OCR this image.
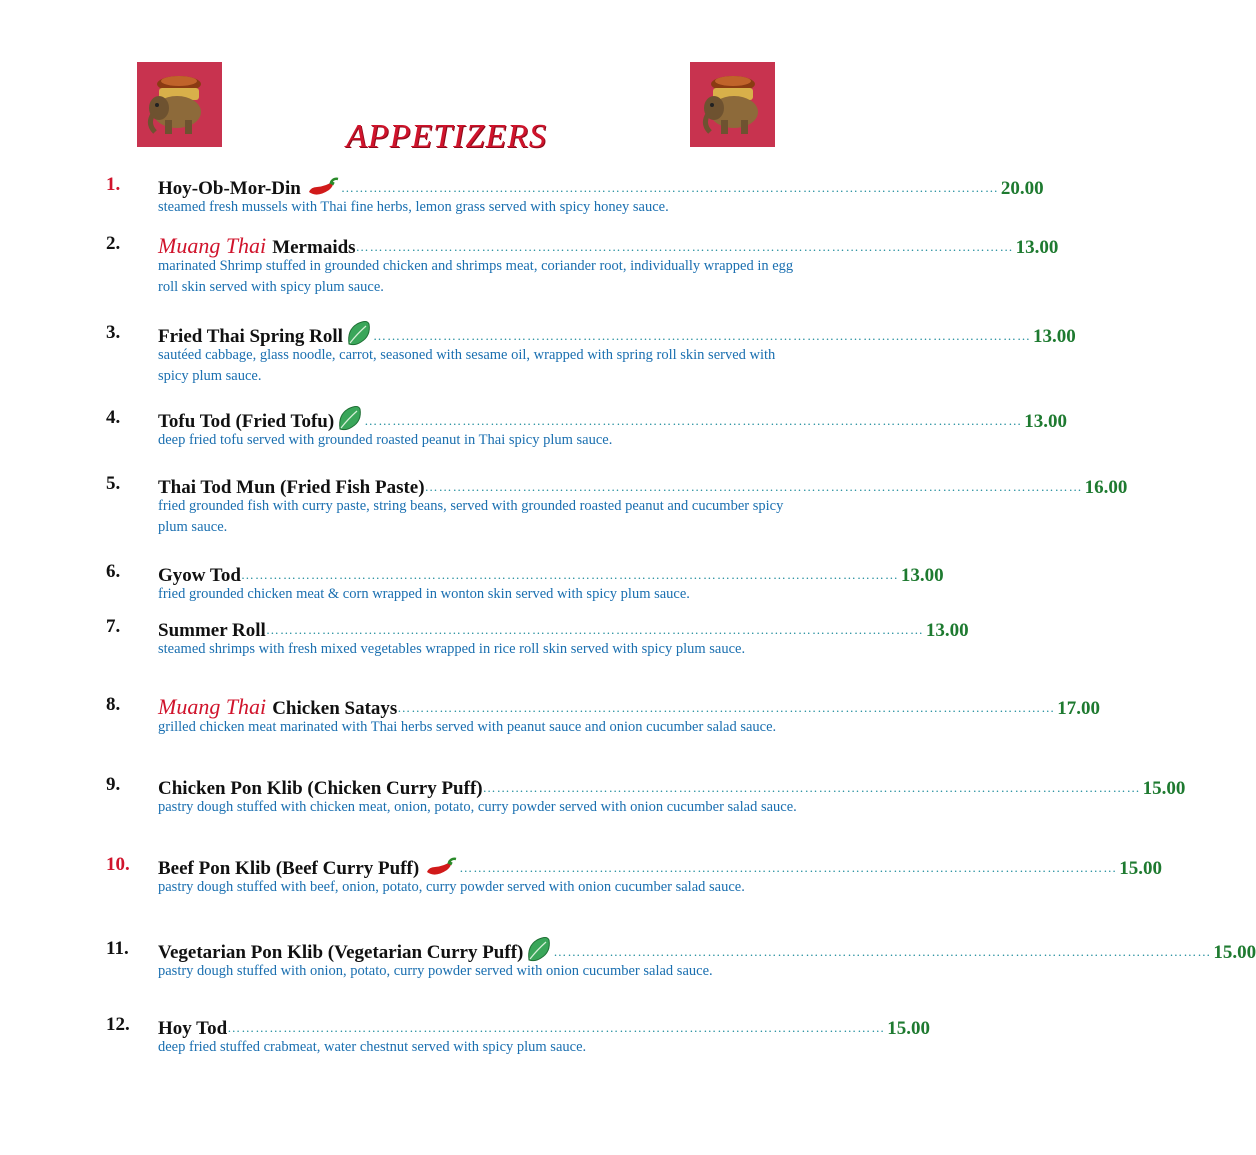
APPETIZERS
1. Hoy-Ob-Mor-Din	…………………………………………………………………………………………………………………………… 20.00
steamed fresh mussels with Thai fine herbs, lemon grass served with spicy honey sauce.
2. Muang Thai Mermaids …………………………………………………………………………………………………………………………… 13.00
marinated Shrimp stuffed in grounded chicken and shrimps meat, coriander root, individually wrapped in egg roll skin served with spicy plum sauce.
3. Fried Thai Spring Roll …………………………………………………………………………………………………………………………… 13.00
sautéed cabbage, glass noodle, carrot, seasoned with sesame oil, wrapped with spring roll skin served with spicy plum sauce.
4. Tofu Tod (Fried Tofu) …………………………………………………………………………………………………………………………… 13.00
deep fried tofu served with grounded roasted peanut in Thai spicy plum sauce.
5. Thai Tod Mun (Fried Fish Paste) …………………………………………………………………………………………………………………………… 16.00
fried grounded fish with curry paste, string beans, served with grounded roasted peanut and cucumber spicy plum sauce.
6. Gyow Tod …………………………………………………………………………………………………………………………… 13.00
fried grounded chicken meat & corn wrapped in wonton skin served with spicy plum sauce.
7. Summer Roll …………………………………………………………………………………………………………………………… 13.00
steamed shrimps with fresh mixed vegetables wrapped in rice roll skin served with spicy plum sauce.
8. Muang Thai Chicken Satays …………………………………………………………………………………………………………………………… 17.00
grilled chicken meat marinated with Thai herbs served with peanut sauce and onion cucumber salad sauce.
9. Chicken Pon Klib (Chicken Curry Puff) …………………………………………………………………………………………………………………………… 15.00
pastry dough stuffed with chicken meat, onion, potato, curry powder served with onion cucumber salad sauce.
10. Beef Pon Klib (Beef Curry Puff)	…………………………………………………………………………………………………………………………… 15.00
pastry dough stuffed with beef, onion, potato, curry powder served with onion cucumber salad sauce.
11. Vegetarian Pon Klib (Vegetarian Curry Puff) …………………………………………………………………………………………………………………………… 15.00
pastry dough stuffed with onion, potato, curry powder served with onion cucumber salad sauce.
12. Hoy Tod …………………………………………………………………………………………………………………………… 15.00
deep fried stuffed crabmeat, water chestnut served with spicy plum sauce.
